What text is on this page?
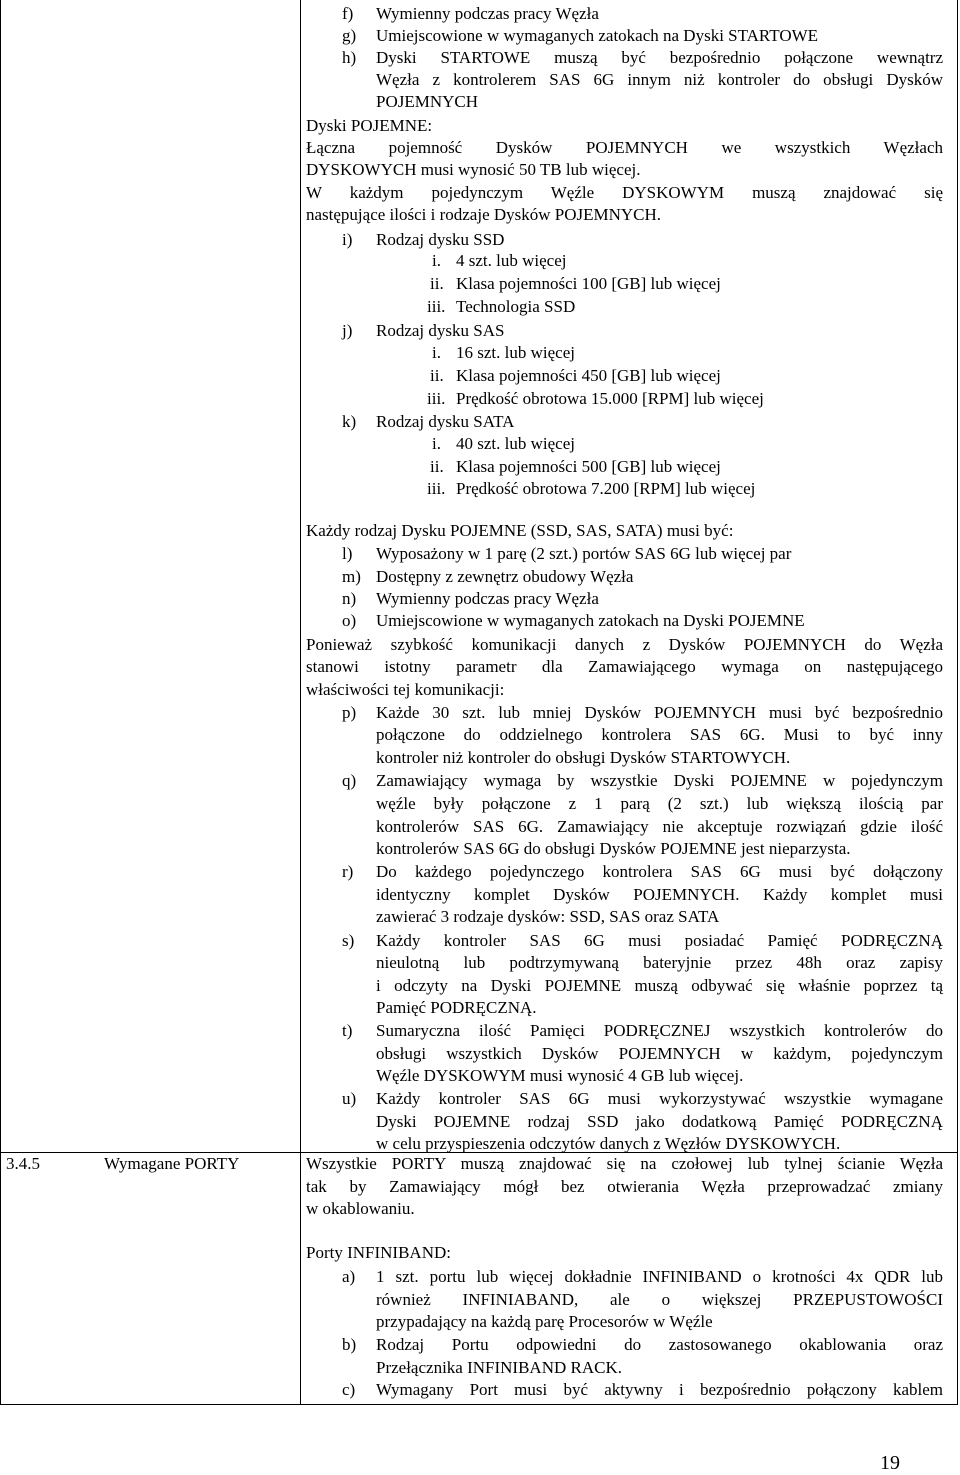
3.4.5	Wymagane PORTY
f) Wymienny podczas pracy Węzła
g) Umiejscowione w wymaganych zatokach na Dyski STARTOWE
h) Dyski STARTOWE muszą być bezpośrednio połączone wewnątrz
Węzła z kontrolerem SAS 6G innym niż kontroler do obsługi Dysków
POJEMNYCH
Dyski POJEMNE:
Łączna pojemność Dysków POJEMNYCH we wszystkich Węzłach
DYSKOWYCH musi wynosić 50 TB lub więcej.
W każdym pojedynczym Węźle DYSKOWYM muszą znajdować się
następujące ilości i rodzaje Dysków POJEMNYCH.
i) Rodzaj dysku SSD
i. 4 szt. lub więcej
ii. Klasa pojemności 100 [GB] lub więcej
iii. Technologia SSD
j) Rodzaj dysku SAS
i. 16 szt. lub więcej
ii. Klasa pojemności 450 [GB] lub więcej
iii. Prędkość obrotowa 15.000 [RPM] lub więcej
k) Rodzaj dysku SATA
i. 40 szt. lub więcej
ii. Klasa pojemności 500 [GB] lub więcej
iii. Prędkość obrotowa 7.200 [RPM] lub więcej
Każdy rodzaj Dysku POJEMNE (SSD, SAS, SATA) musi być:
l) Wyposażony w 1 parę (2 szt.) portów SAS 6G lub więcej par
m) Dostępny z zewnętrz obudowy Węzła
n) Wymienny podczas pracy Węzła
o) Umiejscowione w wymaganych zatokach na Dyski POJEMNE
Ponieważ szybkość komunikacji danych z Dysków POJEMNYCH do Węzła
stanowi istotny parametr dla Zamawiającego wymaga on następującego
właściwości tej komunikacji:
p) Każde 30 szt. lub mniej Dysków POJEMNYCH musi być bezpośrednio
połączone do oddzielnego kontrolera SAS 6G. Musi to być inny
kontroler niż kontroler do obsługi Dysków STARTOWYCH.
q) Zamawiający wymaga by wszystkie Dyski POJEMNE w pojedynczym
węźle były połączone z 1 parą (2 szt.) lub większą ilością par
kontrolerów SAS 6G. Zamawiający nie akceptuje rozwiązań gdzie ilość
kontrolerów SAS 6G do obsługi Dysków POJEMNE jest nieparzysta.
r) Do każdego pojedynczego kontrolera SAS 6G musi być dołączony
identyczny komplet Dysków POJEMNYCH. Każdy komplet musi
zawierać 3 rodzaje dysków: SSD, SAS oraz SATA
s) Każdy kontroler SAS 6G musi posiadać Pamięć PODRĘCZNĄ
nieulotną lub podtrzymywaną bateryjnie przez 48h oraz zapisy
i odczyty na Dyski POJEMNE muszą odbywać się właśnie poprzez tą
Pamięć PODRĘCZNĄ.
t) Sumaryczna ilość Pamięci PODRĘCZNEJ wszystkich kontrolerów do
obsługi wszystkich Dysków POJEMNYCH w każdym, pojedynczym
Węźle DYSKOWYM musi wynosić 4 GB lub więcej.
u) Każdy kontroler SAS 6G musi wykorzystywać wszystkie wymagane
Dyski POJEMNE rodzaj SSD jako dodatkową Pamięć PODRĘCZNĄ
w celu przyspieszenia odczytów danych z Węzłów DYSKOWYCH.
Wszystkie PORTY muszą znajdować się na czołowej lub tylnej ścianie Węzła
tak by Zamawiający mógł bez otwierania Węzła przeprowadzać zmiany
w okablowaniu.
Porty INFINIBAND:
a) 1 szt. portu lub więcej dokładnie INFINIBAND o krotności 4x QDR lub
również INFINIABAND, ale o większej PRZEPUSTOWOŚCI
przypadający na każdą parę Procesorów w Węźle
b) Rodzaj Portu odpowiedni do zastosowanego okablowania oraz
Przełącznika INFINIBAND RACK.
c) Wymagany Port musi być aktywny i bezpośrednio połączony kablem
19
